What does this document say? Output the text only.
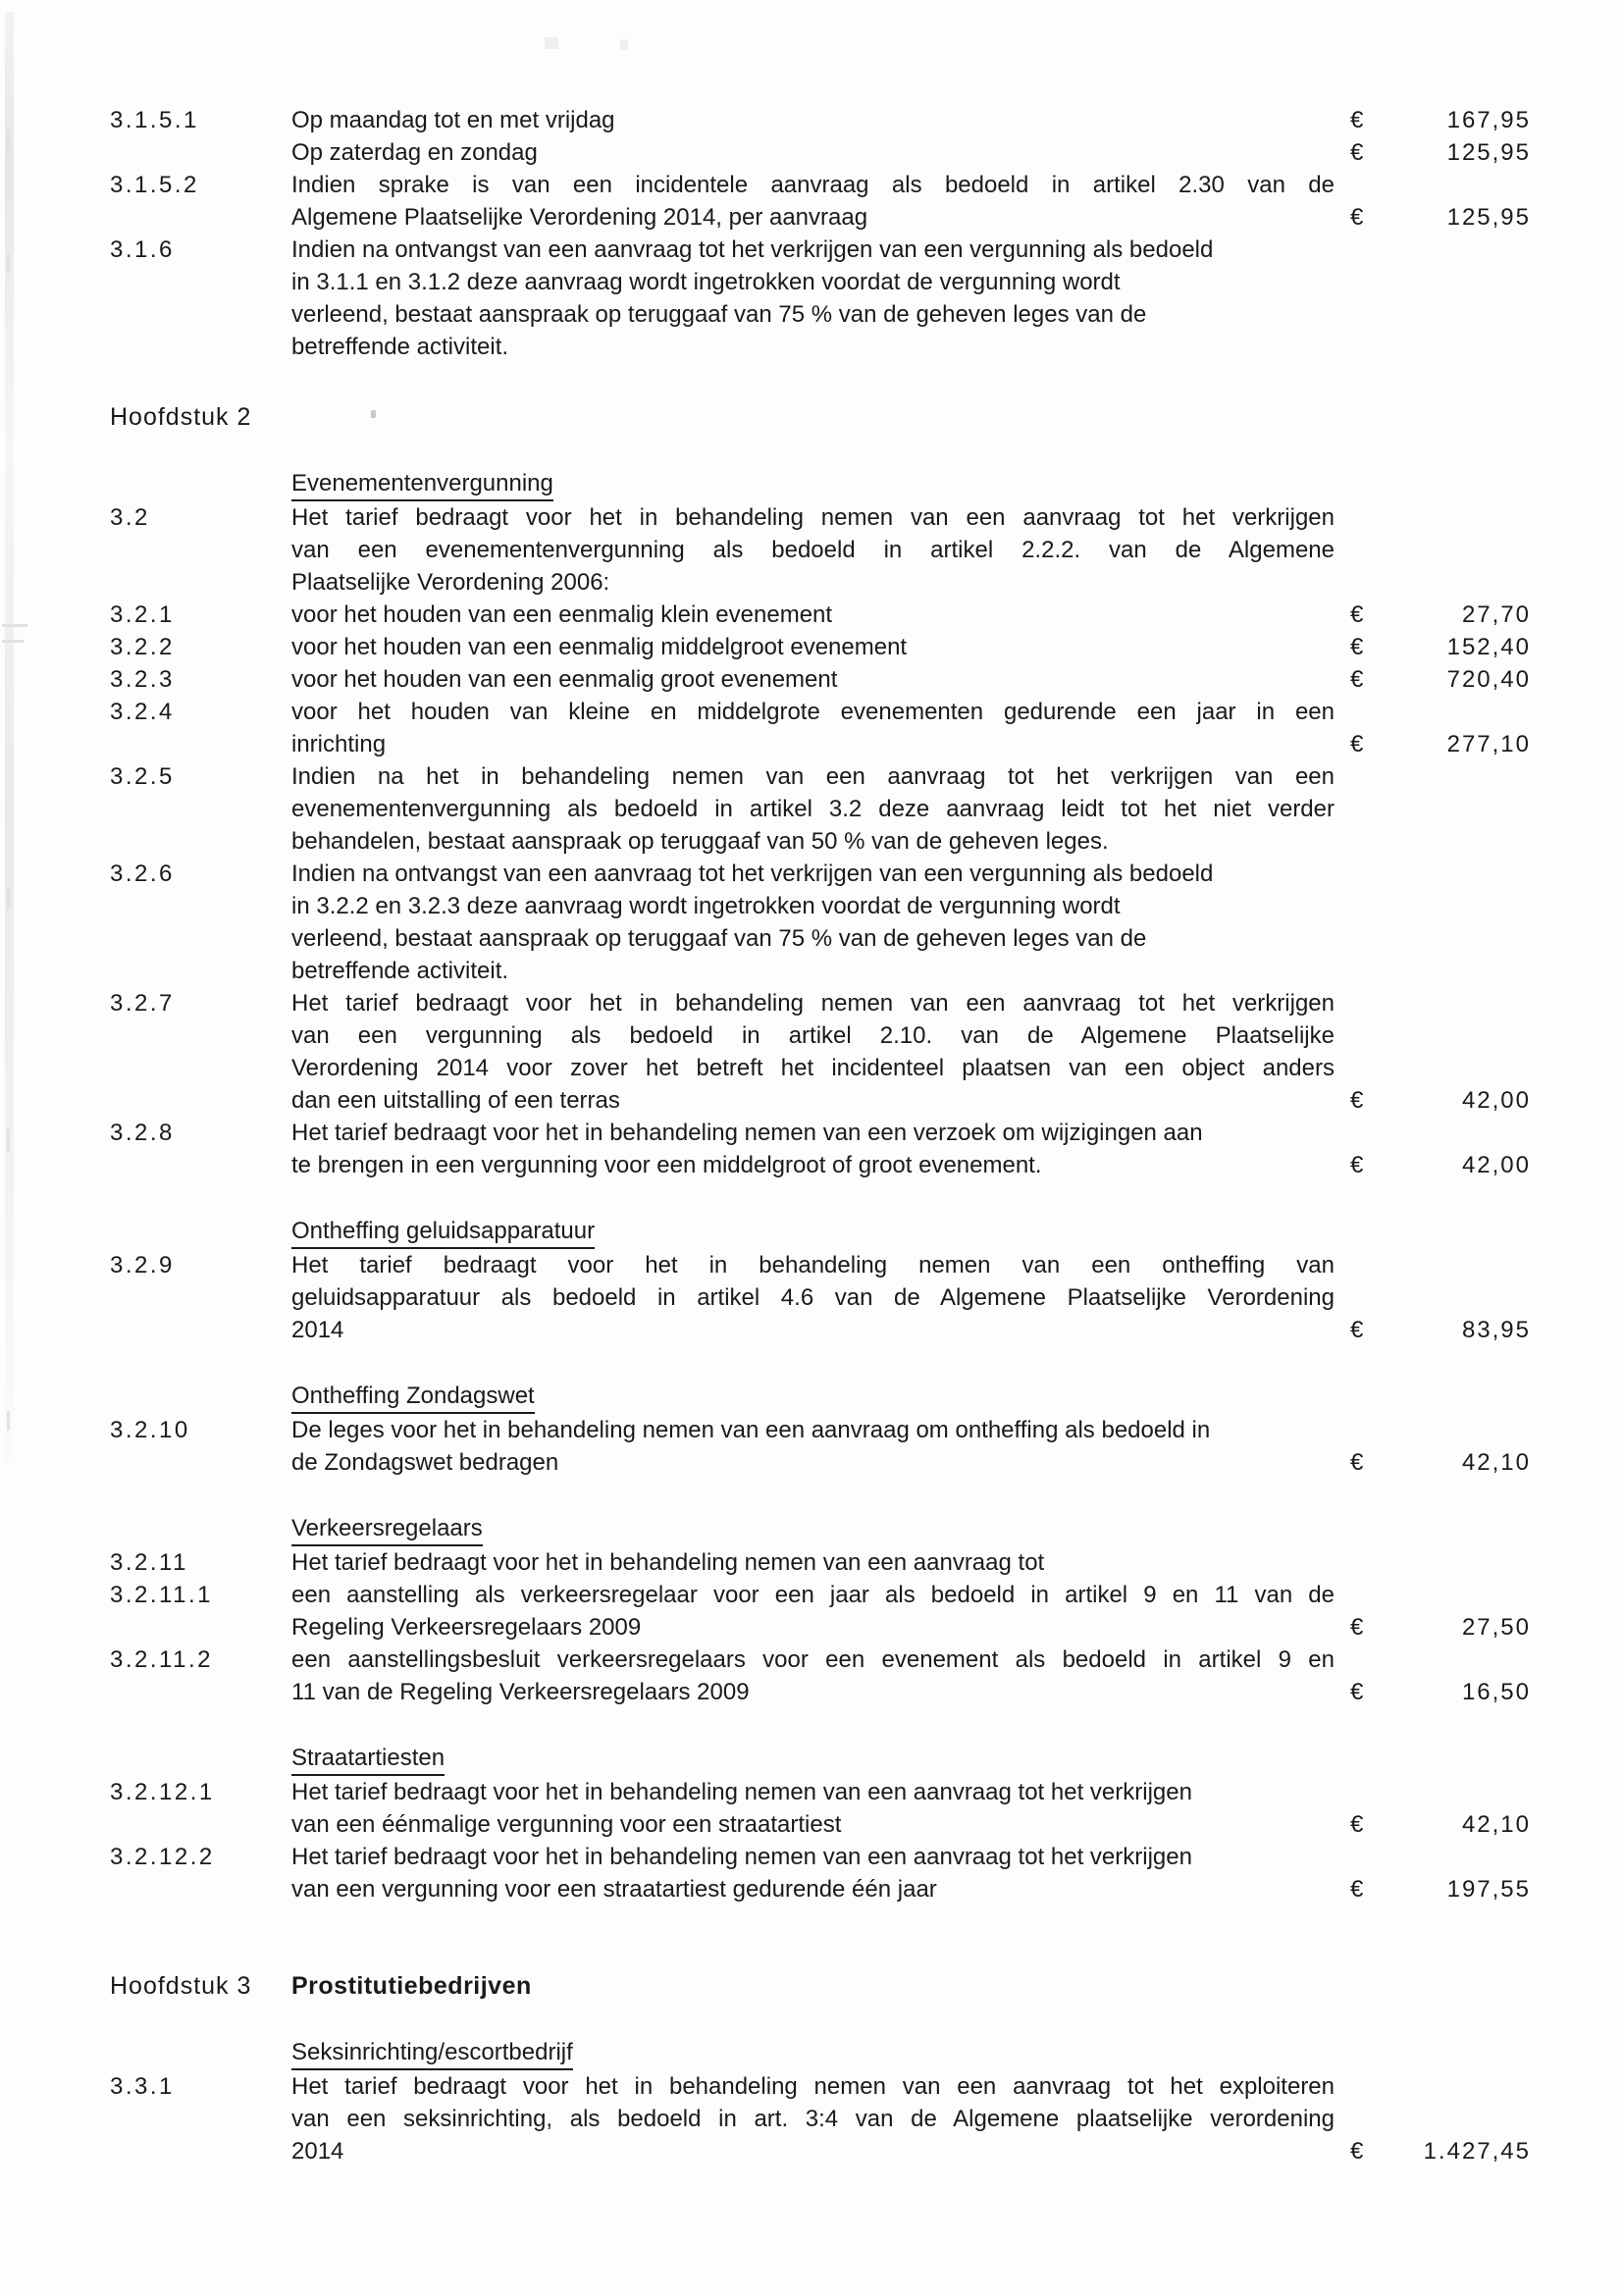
3.1.5.1	Op maandag tot en met vrijdag	€	167,95
Op zaterdag en zondag	€	125,95
3.1.5.2	Indien sprake is van een incidentele aanvraag als bedoeld in artikel 2.30 van de
Algemene Plaatselijke Verordening 2014, per aanvraag	€	125,95
3.1.6	Indien na ontvangst van een aanvraag tot het verkrijgen van een vergunning als bedoeld
in 3.1.1 en 3.1.2 deze aanvraag wordt ingetrokken voordat de vergunning wordt
verleend, bestaat aanspraak op teruggaaf van 75 % van de geheven leges van de
betreffende activiteit.
Hoofdstuk 2
Evenementenvergunning
3.2	Het tarief bedraagt voor het in behandeling nemen van een aanvraag tot het verkrijgen
van een evenementenvergunning als bedoeld in artikel 2.2.2. van de Algemene
Plaatselijke Verordening 2006:
3.2.1	voor het houden van een eenmalig klein evenement	€	27,70
3.2.2	voor het houden van een eenmalig middelgroot evenement	€	152,40
3.2.3	voor het houden van een eenmalig groot evenement	€	720,40
3.2.4	voor het houden van kleine en middelgrote evenementen gedurende een jaar in een
inrichting	€	277,10
3.2.5	Indien na het in behandeling nemen van een aanvraag tot het verkrijgen van een
evenementenvergunning als bedoeld in artikel 3.2 deze aanvraag leidt tot het niet verder
behandelen, bestaat aanspraak op teruggaaf van 50 % van de geheven leges.
3.2.6	Indien na ontvangst van een aanvraag tot het verkrijgen van een vergunning als bedoeld
in 3.2.2 en 3.2.3 deze aanvraag wordt ingetrokken voordat de vergunning wordt
verleend, bestaat aanspraak op teruggaaf van 75 % van de geheven leges van de
betreffende activiteit.
3.2.7	Het tarief bedraagt voor het in behandeling nemen van een aanvraag tot het verkrijgen
van een vergunning als bedoeld in artikel 2.10. van de Algemene Plaatselijke
Verordening 2014 voor zover het betreft het incidenteel plaatsen van een object anders
dan een uitstalling of een terras	€	42,00
3.2.8	Het tarief bedraagt voor het in behandeling nemen van een verzoek om wijzigingen aan
te brengen in een vergunning voor een middelgroot of groot evenement.	€	42,00
Ontheffing geluidsapparatuur
3.2.9	Het tarief bedraagt voor het in behandeling nemen van een ontheffing van
geluidsapparatuur als bedoeld in artikel 4.6 van de Algemene Plaatselijke Verordening
2014	€	83,95
Ontheffing Zondagswet
3.2.10	De leges voor het in behandeling nemen van een aanvraag om ontheffing als bedoeld in
de Zondagswet bedragen	€	42,10
Verkeersregelaars
3.2.11	Het tarief bedraagt voor het in behandeling nemen van een aanvraag tot
3.2.11.1	een aanstelling als verkeersregelaar voor een jaar als bedoeld in artikel 9 en 11 van de
Regeling Verkeersregelaars 2009	€	27,50
3.2.11.2	een aanstellingsbesluit verkeersregelaars voor een evenement als bedoeld in artikel 9 en
11 van de Regeling Verkeersregelaars 2009	€	16,50
Straatartiesten
3.2.12.1	Het tarief bedraagt voor het in behandeling nemen van een aanvraag tot het verkrijgen
van een éénmalige vergunning voor een straatartiest	€	42,10
3.2.12.2	Het tarief bedraagt voor het in behandeling nemen van een aanvraag tot het verkrijgen
van een vergunning voor een straatartiest gedurende één jaar	€	197,55
Hoofdstuk 3	Prostitutiebedrijven
Seksinrichting/escortbedrijf
3.3.1	Het tarief bedraagt voor het in behandeling nemen van een aanvraag tot het exploiteren
van een seksinrichting, als bedoeld in art. 3:4 van de Algemene plaatselijke verordening
2014	€	1.427,45
